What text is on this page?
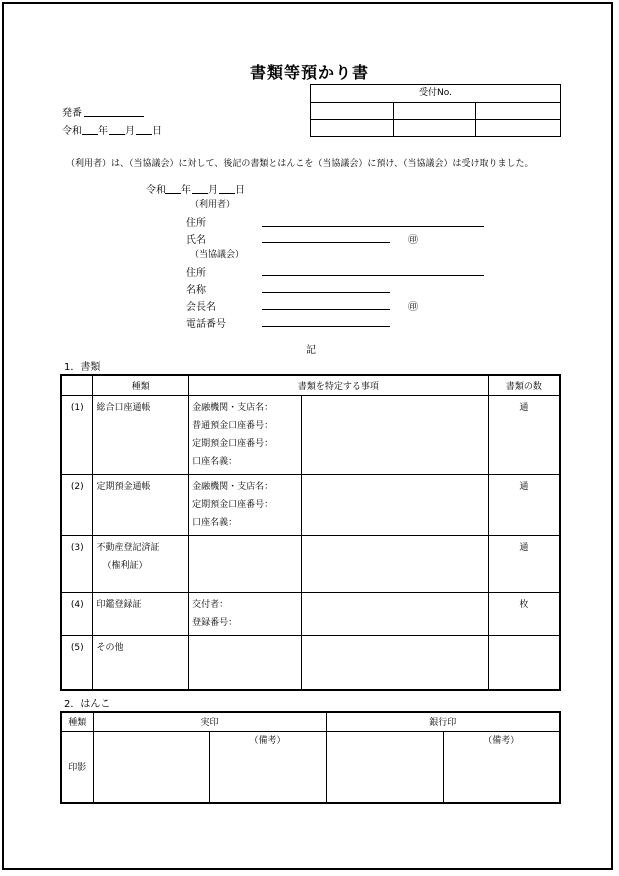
書類等預かり書
受付No.		

発番
令和 年 月 日
（利用者）は、（当協議会）に対して、後記の書類とはんこを（当協議会）に預け、（当協議会）は受け取りました。
令和 年 月 日
（利用者）
住所
氏名	㊞
（当協議会）
住所
名称
会長名	㊞
電話番号
記
1．書類
	種類	書類を特定する事項		書類の数

(1)	総合口座通帳	金融機関・支店名：
普通預金口座番号：
定期預金口座番号：
口座名義：		通

(2)	定期預金通帳	金融機関・支店名：
定期預金口座番号：
口座名義：		通

(3)	不動産登記済証
（権利証）			通

(4)	印鑑登録証	交付者：
登録番号：		枚

(5)	その他			

2．はんこ
種類	実印		銀行印	
印影		（備考）		（備考）
